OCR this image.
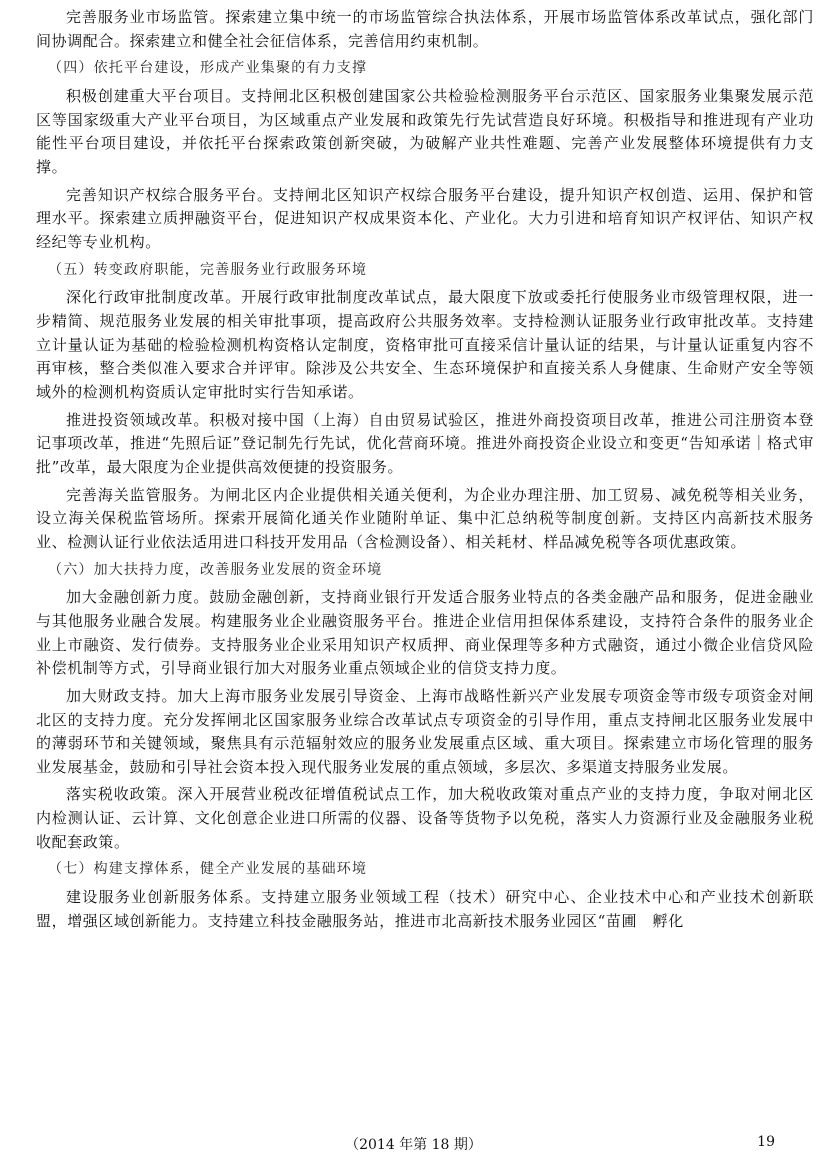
完善服务业市场监管。探索建立集中统一的市场监管综合执法体系，开展市场监管体系改革试点，强化部门间协调配合。探索建立和健全社会征信体系，完善信用约束机制。

（四）依托平台建设，形成产业集聚的有力支撑

积极创建重大平台项目。支持闸北区积极创建国家公共检验检测服务平台示范区、国家服务业集聚发展示范区等国家级重大产业平台项目，为区域重点产业发展和政策先行先试营造良好环境。积极指导和推进现有产业功能性平台项目建设，并依托平台探索政策创新突破，为破解产业共性难题、完善产业发展整体环境提供有力支撑。

完善知识产权综合服务平台。支持闸北区知识产权综合服务平台建设，提升知识产权创造、运用、保护和管理水平。探索建立质押融资平台，促进知识产权成果资本化、产业化。大力引进和培育知识产权评估、知识产权经纪等专业机构。

（五）转变政府职能，完善服务业行政服务环境

深化行政审批制度改革。开展行政审批制度改革试点，最大限度下放或委托行使服务业市级管理权限，进一步精简、规范服务业发展的相关审批事项，提高政府公共服务效率。支持检测认证服务业行政审批改革。支持建立计量认证为基础的检验检测机构资格认定制度，资格审批可直接采信计量认证的结果，与计量认证重复内容不再审核，整合类似准入要求合并评审。除涉及公共安全、生态环境保护和直接关系人身健康、生命财产安全等领域外的检测机构资质认定审批时实行告知承诺。

推进投资领域改革。积极对接中国（上海）自由贸易试验区，推进外商投资项目改革，推进公司注册资本登记事项改革，推进“先照后证”登记制先行先试，优化营商环境。推进外商投资企业设立和变更“告知承诺｜格式审批”改革，最大限度为企业提供高效便捷的投资服务。

完善海关监管服务。为闸北区内企业提供相关通关便利，为企业办理注册、加工贸易、减免税等相关业务，设立海关保税监管场所。探索开展简化通关作业随附单证、集中汇总纳税等制度创新。支持区内高新技术服务业、检测认证行业依法适用进口科技开发用品（含检测设备）、相关耗材、样品减免税等各项优惠政策。

（六）加大扶持力度，改善服务业发展的资金环境

加大金融创新力度。鼓励金融创新，支持商业银行开发适合服务业特点的各类金融产品和服务，促进金融业与其他服务业融合发展。构建服务业企业融资服务平台。推进企业信用担保体系建设，支持符合条件的服务业企业上市融资、发行债券。支持服务业企业采用知识产权质押、商业保理等多种方式融资，通过小微企业信贷风险补偿机制等方式，引导商业银行加大对服务业重点领域企业的信贷支持力度。

加大财政支持。加大上海市服务业发展引导资金、上海市战略性新兴产业发展专项资金等市级专项资金对闸北区的支持力度。充分发挥闸北区国家服务业综合改革试点专项资金的引导作用，重点支持闸北区服务业发展中的薄弱环节和关键领域，聚焦具有示范辐射效应的服务业发展重点区域、重大项目。探索建立市场化管理的服务业发展基金，鼓励和引导社会资本投入现代服务业发展的重点领域，多层次、多渠道支持服务业发展。

落实税收政策。深入开展营业税改征增值税试点工作，加大税收政策对重点产业的支持力度，争取对闸北区内检测认证、云计算、文化创意企业进口所需的仪器、设备等货物予以免税，落实人力资源行业及金融服务业税收配套政策。

（七）构建支撑体系，健全产业发展的基础环境

建设服务业创新服务体系。支持建立服务业领域工程（技术）研究中心、企业技术中心和产业技术创新联盟，增强区域创新能力。支持建立科技金融服务站，推进市北高新技术服务业园区“苗圃　孵化

（2014 年第 18 期）	19
